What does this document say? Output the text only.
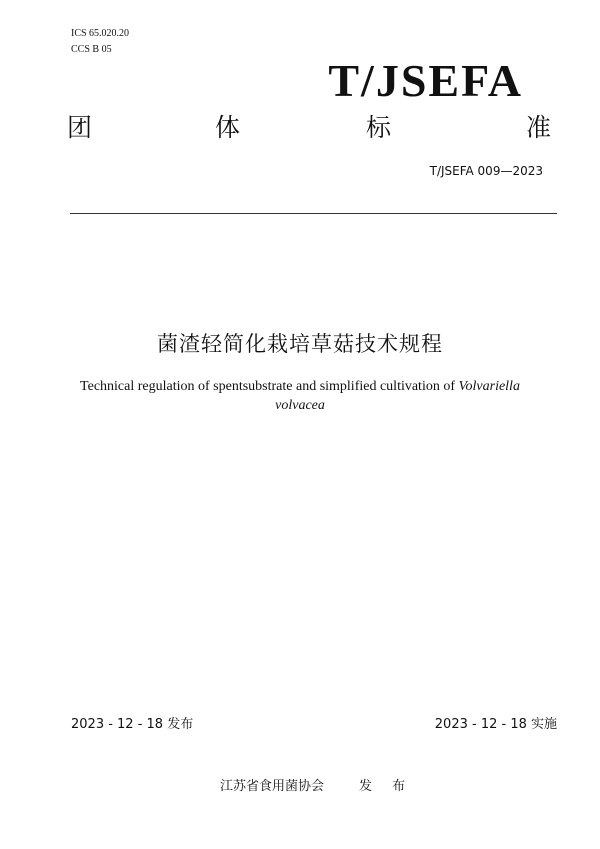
ICS 65.020.20
CCS B 05
T/JSEFA
团	体	标	准
T/JSEFA 009—2023
菌渣轻简化栽培草菇技术规程
Technical regulation of spentsubstrate and simplified cultivation of Volvariella
volvacea
2023 - 12 - 18 发布	2023 - 12 - 18 实施
江苏省食用菌协会	发 布
